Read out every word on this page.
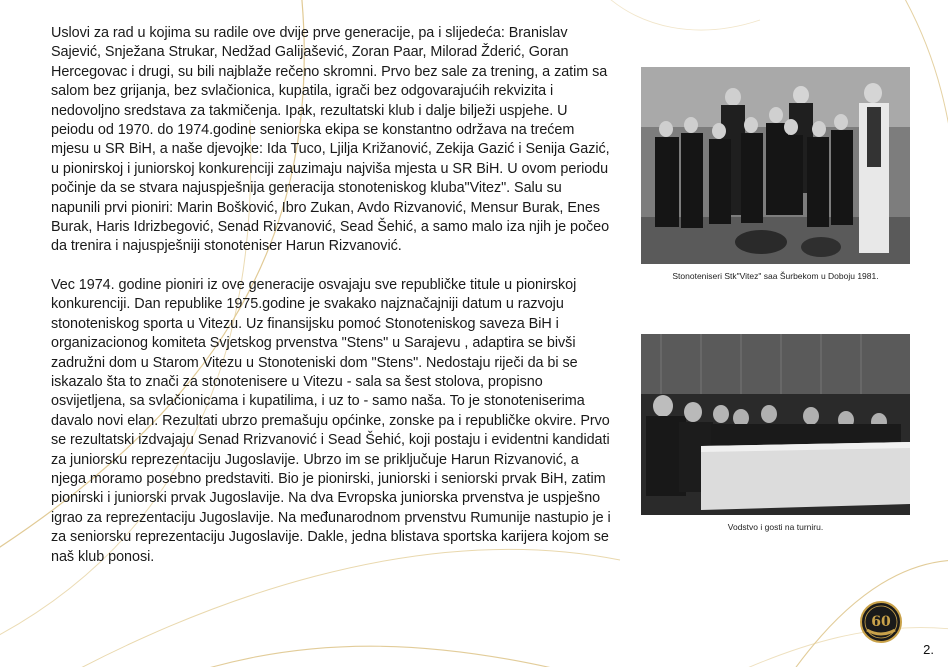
Uslovi za rad u kojima su radile ove dvije prve generacije, pa i slijedeća: Branislav Sajević, Snježana Strukar, Nedžad Galijašević, Zoran Paar, Milorad Žderić, Goran Hercegovac i drugi, su bili najblaže rečeno skromni. Prvo bez sale za trening, a zatim sa salom bez grijanja, bez svlačionica, kupatila, igrači bez odgovarajućih rekvizita i nedovoljno sredstava za takmičenja. Ipak, rezultatski klub i dalje bilježi uspjehe. U peiodu od 1970. do 1974.godine seniorska ekipa se konstantno održava na trećem mjesu u SR BiH, a naše djevojke: Ida Tuco, Ljilja Križanović, Zekija Gazić i Senija Gazić, u pionirskoj i juniorskoj konkurenciji zauzimaju najviša mjesta u SR BiH. U ovom periodu počinje da se stvara najuspješnija generacija stonoteniskog kluba"Vitez". Salu su napunili prvi pioniri: Marin Bošković, Ibro Zukan, Avdo Rizvanović, Mensur Burak, Enes Burak, Haris Idrizbegović, Senad Rizvanović, Sead Šehić, a samo malo iza njih je počeo da trenira i najuspješniji stonoteniser Harun Rizvanović.

Vec 1974. godine pioniri iz ove generacije osvajaju sve republičke titule u pionirskoj konkurenciji. Dan republike 1975.godine je svakako najznačajniji datum u razvoju stonoteniskog sporta u Vitezu. Uz finansijsku pomoć Stonoteniskog saveza BiH i organizacionog komiteta Svjetskog prvenstva "Stens" u Sarajevu , adaptira se bivši zadružni dom u Starom Vitezu u Stonoteniski dom "Stens". Nedostaju riječi da bi se iskazalo šta to znači za stonotenisere u Vitezu - sala sa šest stolova, propisno osvijetljena, sa svlačionicama i kupatilima, i uz to - samo naša. To je stonoteniserima davalo novi elan. Rezultati ubrzo premašuju općinke, zonske pa i republičke okvire. Prvo se rezultatski izdvajaju Senad Rrizvanović i Sead Šehić, koji postaju i evidentni kandidati za juniorsku reprezentaciju Jugoslavije. Ubrzo im se priključuje Harun Rizvanović, a njega moramo posebno predstaviti. Bio je pionirski, juniorski i seniorski prvak BiH, zatim pionirski i juniorski prvak Jugoslavije. Na dva Evropska juniorska prvenstva je uspješno igrao za reprezentaciju Jugoslavije. Na međunarodnom prvenstvu Rumunije nastupio je i za seniorsku reprezentaciju Jugoslavije. Dakle, jedna blistava sportska karijera kojom se naš klub ponosi.

Stonoteniseri Stk"Vitez" saa Šurbekom u Doboju 1981.
Vodstvo i gosti na turniru.
60
2.
